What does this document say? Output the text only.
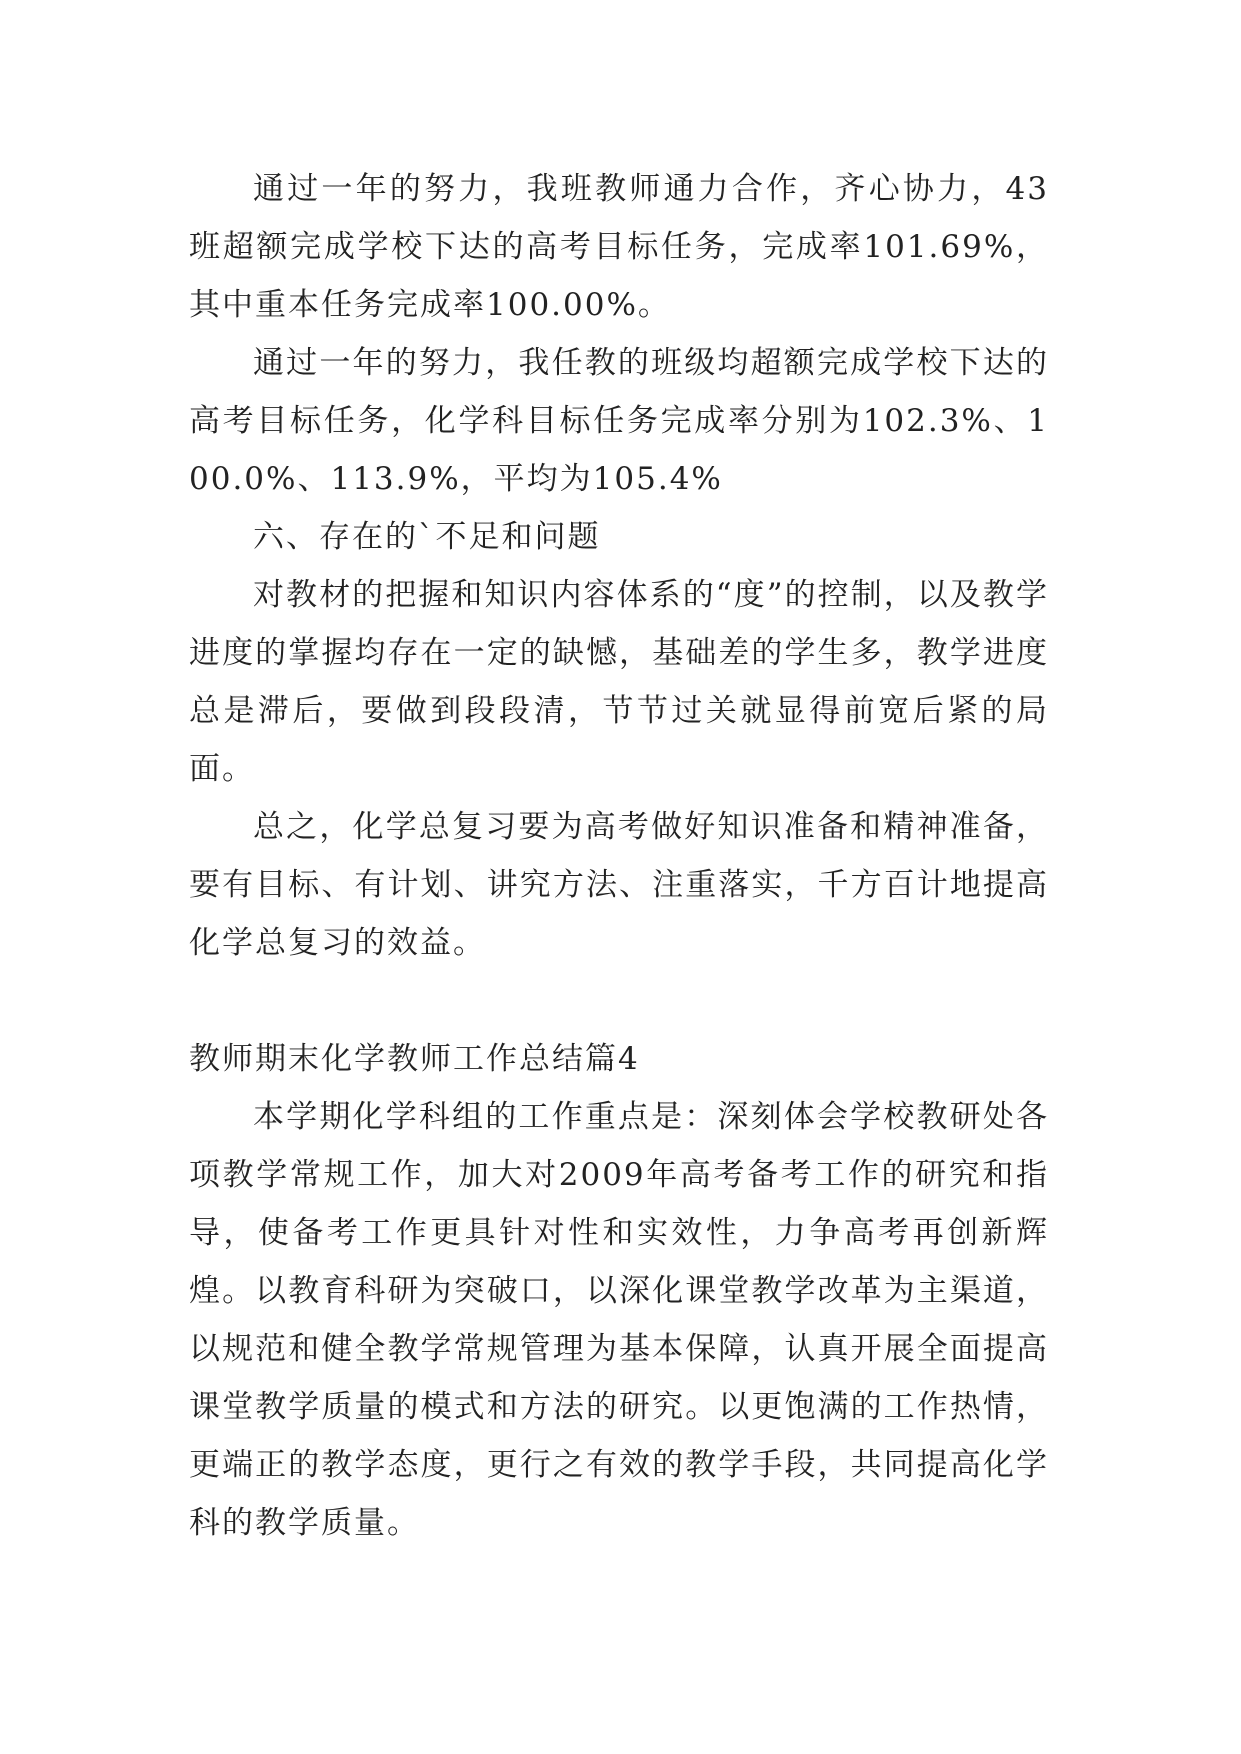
通过一年的努力，我班教师通力合作，齐心协力，43班超额完成学校下达的高考目标任务，完成率101.69%，其中重本任务完成率100.00%。

通过一年的努力，我任教的班级均超额完成学校下达的高考目标任务，化学科目标任务完成率分别为102.3%、100.0%、113.9%，平均为105.4%

六、存在的`不足和问题

对教材的把握和知识内容体系的“度”的控制，以及教学进度的掌握均存在一定的缺憾，基础差的学生多，教学进度总是滞后，要做到段段清，节节过关就显得前宽后紧的局面。

总之，化学总复习要为高考做好知识准备和精神准备，要有目标、有计划、讲究方法、注重落实，千方百计地提高化学总复习的效益。

教师期末化学教师工作总结篇4

本学期化学科组的工作重点是：深刻体会学校教研处各项教学常规工作，加大对2009年高考备考工作的研究和指导，使备考工作更具针对性和实效性，力争高考再创新辉煌。以教育科研为突破口，以深化课堂教学改革为主渠道，以规范和健全教学常规管理为基本保障，认真开展全面提高课堂教学质量的模式和方法的研究。以更饱满的工作热情，更端正的教学态度，更行之有效的教学手段，共同提高化学科的教学质量。
